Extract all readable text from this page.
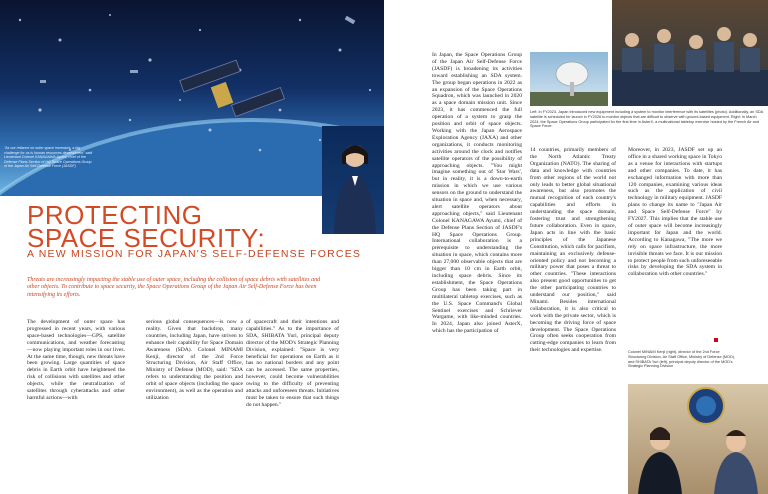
"As our reliance on outer space increases, a big challenge for us is human resources development" said Lieutenant Colonel KANAGAWA Ayumi, chief of the Defense Plans Section of HQ Space Operations Group of the Japan Air Self-Defense Force (JASDF)
PROTECTING
SPACE SECURITY:
A NEW MISSION FOR JAPAN'S SELF-DEFENSE FORCES
Threats are increasingly impacting the stable use of outer space, including the collision of space debris with satellites and other objects. To contribute to space security, the Space Operations Group of the Japan Air Self-Defense Force has been intensifying its efforts.
The development of outer space has progressed in recent years, with various space-based technologies—GPS, satellite communications, and weather forecasting—now playing important roles in our lives. At the same time, though, new threats have been growing. Large quantities of space debris in Earth orbit have heightened the risk of collisions with satellites and other objects, while the neutralization of satellites through cyberattacks and other harmful actions—with
serious global consequences—is now a reality. Given that backdrop, many countries, including Japan, have striven to enhance their capability for Space Domain Awareness (SDA). Colonel MINAMI Kenji, director of the 2nd Force Structuring Division, Air Staff Office, Ministry of Defense (MOD), said: "SDA refers to understanding the position and orbit of space objects (including the space environment), as well as the operation and utilization
of spacecraft and their intentions and capabilities." As to the importance of SDA, SHIBATA Yuri, principal deputy director of the MOD's Strategic Planning Division, explained: "Space is very beneficial for operations on Earth as it has no national borders and any point can be accessed. The same properties, however, could become vulnerabilities owing to the difficulty of preventing attacks and unforeseen threats. Initiatives must be taken to ensure that such things do not happen."
In Japan, the Space Operations Group of the Japan Air Self-Defense Force (JASDF) is broadening its activities toward establishing an SDA system. The group began operations in 2022 as an expansion of the Space Operations Squadron, which was launched in 2020 as a space domain mission unit. Since 2023, it has commenced the full operation of a system to grasp the position and orbit of space objects. Working with the Japan Aerospace Exploration Agency (JAXA) and other organizations, it conducts monitoring activities around the clock and notifies satellite operators of the possibility of approaching objects. "You might imagine something out of 'Star Wars', but in reality, it is a down-to-earth mission in which we use various sensors on the ground to understand the situation in space and, when necessary, alert satellite operators about approaching objects," said Lieutenant Colonel KANAGAWA Ayumi, chief of the Defense Plans Section of JASDF's HQ Space Operations Group. International collaboration is a prerequisite to understanding the situation in space, which contains more than 27,000 observable objects that are bigger than 10 cm in Earth orbit, including space debris. Since its establishment, the Space Operations Group has been taking part in multilateral tabletop exercises, such as the U.S. Space Command's Global Sentinel exercises and Schriever Wargame, with like-minded countries. In 2024, Japan also joined AsterX, which has the participation of
Left: In FY2023, Japan introduced new equipment including a system to monitor interference with its satellites (photo). Additionally, an SDA satellite is scheduled for launch in FY2026 to monitor objects that are difficult to observe with ground-based equipment. Right: In March 2024, the Space Operations Group participated for the first time in AsterX, a multinational tabletop exercise hosted by the French Air and Space Force.
14 countries, primarily members of the North Atlantic Treaty Organization (NATO). The sharing of data and knowledge with countries from other regions of the world not only leads to better global situational awareness, but also promotes the mutual recognition of each country's capabilities and efforts in understanding the space domain, fostering trust and strengthening future collaboration. Even in space, Japan acts in line with the basic principles of the Japanese Constitution, which calls for pacifism, maintaining an exclusively defense-oriented policy and not becoming a military power that poses a threat to other countries. "These interactions also present good opportunities to get the other participating countries to understand our position," said Minami. Besides international collaboration, it is also critical to work with the private sector, which is becoming the driving force of space development. The Space Operations Group often seeks cooperation from cutting-edge companies to learn from their technologies and expertise.
Moreover, in 2023, JASDF set up an office in a shared working space in Tokyo as a venue for interactions with startups and other companies. To date, it has exchanged information with more than 120 companies, examining various ideas such as the application of civil technology in military equipment. JASDF plans to change its name to "Japan Air and Space Self-Defense Force" by FY2027. This implies that the stable use of outer space will become increasingly important for Japan and the world. According to Kanagawa, "The more we rely on space infrastructure, the more invisible threats we face. It is our mission to protect people from such unforeseeable risks by developing the SDA system in collaboration with other countries."
Colonel MINAMI Kenji (right), director of the 2nd Force Structuring Division, Air Staff Office, Ministry of Defense (MOD), and SHIBATA Yuri (left), principal deputy director of the MOD's Strategic Planning Division
